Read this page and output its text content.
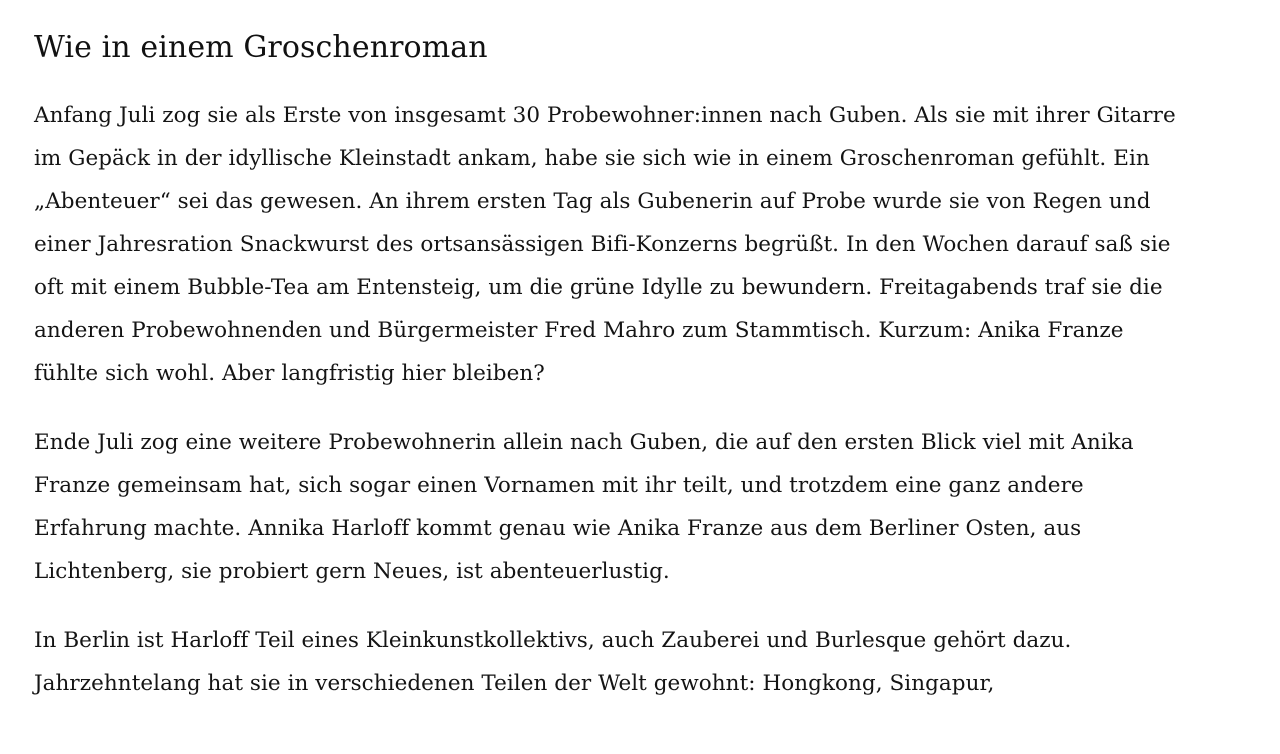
Wie in einem Groschenroman

Anfang Juli zog sie als Erste von insgesamt 30 Probewohner:innen nach Guben. Als sie mit ihrer Gitarre im Gepäck in der idyllische Kleinstadt ankam, habe sie sich wie in einem Groschenroman gefühlt. Ein „Abenteuer“ sei das gewesen. An ihrem ersten Tag als Gubenerin auf Probe wurde sie von Regen und einer Jahresration Snackwurst des ortsansässigen Bifi-Konzerns begrüßt. In den Wochen darauf saß sie oft mit einem Bubble-Tea am Entensteig, um die grüne Idylle zu bewundern. Freitagabends traf sie die anderen Probewohnenden und Bürgermeister Fred Mahro zum Stammtisch. Kurzum: Anika Franze fühlte sich wohl. Aber langfristig hier bleiben?

Ende Juli zog eine weitere Probewohnerin allein nach Guben, die auf den ersten Blick viel mit Anika Franze gemeinsam hat, sich sogar einen Vornamen mit ihr teilt, und trotzdem eine ganz andere Erfahrung machte. Annika Harloff kommt genau wie Anika Franze aus dem Berliner Osten, aus Lichtenberg, sie probiert gern Neues, ist abenteuerlustig.

In Berlin ist Harloff Teil eines Kleinkunstkollektivs, auch Zauberei und Burlesque gehört dazu. Jahrzehntelang hat sie in verschiedenen Teilen der Welt gewohnt: Hongkong, Singapur,
